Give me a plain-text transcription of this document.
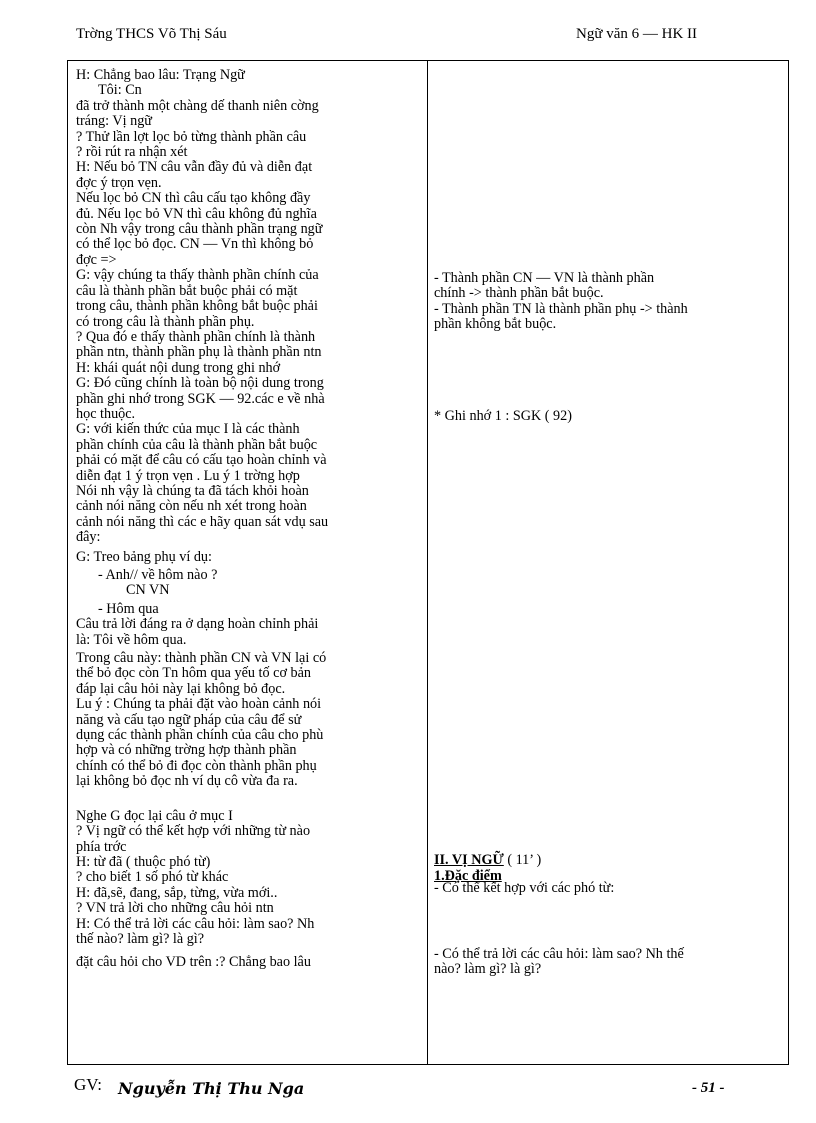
Trờng THCS Võ Thị Sáu	Ngữ văn 6 — HK II
H: Chẳng bao lâu: Trạng Ngữ
Tôi: Cn
đã trở thành một chàng dế thanh niên cờng
tráng: Vị ngữ
? Thử lần lợt lọc bỏ từng thành phần câu
? rồi rút ra nhận xét
H: Nếu bỏ TN câu vẫn đầy đủ và diễn đạt
đợc ý trọn vẹn.
Nếu lọc bỏ CN thì câu cấu tạo không đầy
đủ. Nếu lọc bỏ VN thì câu không đủ nghĩa
còn Nh vậy trong câu thành phần trạng ngữ
có thể lọc bỏ đọc. CN — Vn thì không bỏ
đợc =>
G: vậy chúng ta thấy thành phần chính của
câu là thành phần bắt buộc phải có mặt
trong câu, thành phần không bắt buộc phải
có trong câu là thành phần phụ.
? Qua đó e thấy thành phần chính là thành
phần ntn, thành phần phụ là thành phần ntn
H: khái quát nội dung trong ghi nhớ
G: Đó cũng chính là toàn bộ nội dung trong
phần ghi nhớ trong SGK — 92.các e về nhà
học thuộc.
G: với kiến thức của mục I là các thành
phần chính của câu là thành phần bắt buộc
phải có mặt để câu có cấu tạo hoàn chỉnh và
diễn đạt 1 ý trọn vẹn . Lu ý 1 trờng hợp
Nói nh vậy là chúng ta đã tách khỏi hoàn
cảnh nói năng còn nếu nh xét trong hoàn
cảnh nói năng thì các e hãy quan sát vdụ sau
đây:
G: Treo bảng phụ ví dụ:
- Anh// về hôm nào ?
CN VN
- Hôm qua
Câu trả lời đáng ra ở dạng hoàn chỉnh phải
là: Tôi về hôm qua.
Trong câu này: thành phần CN và VN lại có
thể bỏ đọc còn Tn hôm qua yếu tố cơ bản
đáp lại câu hỏi này lại không bỏ đọc.
Lu ý : Chúng ta phải đặt vào hoàn cảnh nói
năng và cấu tạo ngữ pháp của câu để sử
dụng các thành phần chính của câu cho phù
hợp và có những trờng hợp thành phần
chính có thể bỏ đi đọc còn thành phần phụ
lại không bỏ đọc nh ví dụ cô vừa đa ra.
Nghe G đọc lại câu ở mục I
? Vị ngữ có thể kết hợp với những từ nào
phía trớc
H: từ đã ( thuộc phó từ)
? cho biết 1 số phó từ khác
H: đã,sẽ, đang, sắp, từng, vừa mới..
? VN trả lời cho những câu hỏi ntn
H: Có thể trả lời các câu hỏi: làm sao? Nh
thế nào? làm gì? là gì?
đặt câu hỏi cho VD trên :? Chẳng bao lâu
- Thành phần CN — VN là thành phần
chính -> thành phần bắt buộc.
- Thành phần TN là thành phần phụ -> thành
phần không bắt buộc.
* Ghi nhớ 1 : SGK ( 92)
II. VỊ NGỮ ( 11’ )
1.Đặc điểm
- Có thể kết hợp với các phó từ:
- Có thể trả lời các câu hỏi: làm sao? Nh thế
nào? làm gì? là gì?
GV: Nguyễn Thị Thu Nga	- 51 -
